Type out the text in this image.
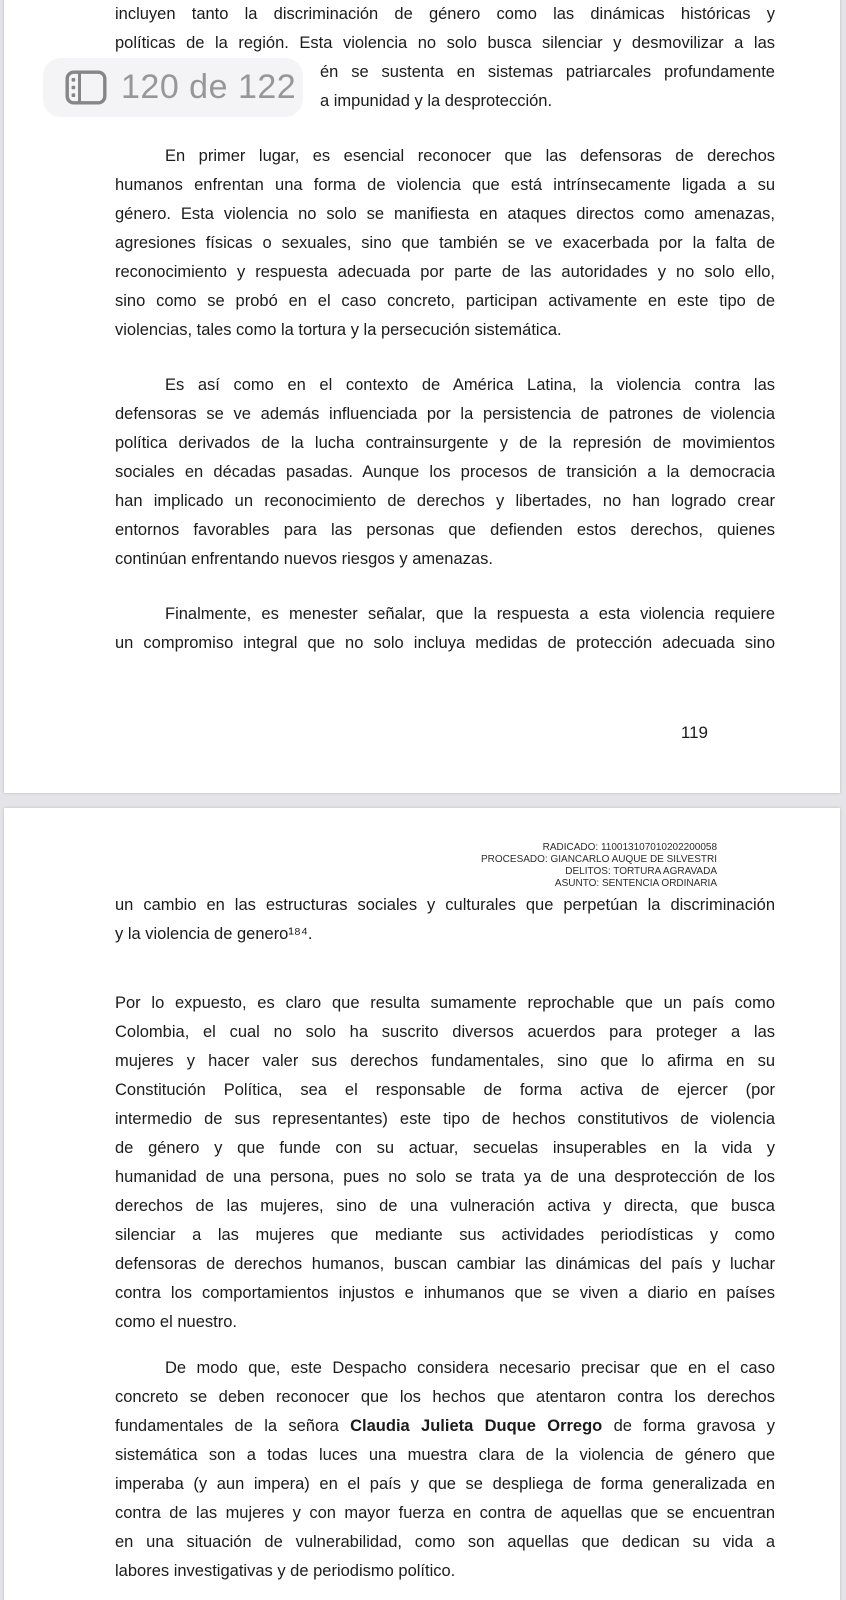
incluyen tanto la discriminación de género como las dinámicas históricas y
políticas de la región. Esta violencia no solo busca silenciar y desmovilizar a las
én se sustenta en sistemas patriarcales profundamente
a impunidad y la desprotección.
En primer lugar, es esencial reconocer que las defensoras de derechos
humanos enfrentan una forma de violencia que está intrínsecamente ligada a su
género. Esta violencia no solo se manifiesta en ataques directos como amenazas,
agresiones físicas o sexuales, sino que también se ve exacerbada por la falta de
reconocimiento y respuesta adecuada por parte de las autoridades y no solo ello,
sino como se probó en el caso concreto, participan activamente en este tipo de
violencias, tales como la tortura y la persecución sistemática.
Es así como en el contexto de América Latina, la violencia contra las
defensoras se ve además influenciada por la persistencia de patrones de violencia
política derivados de la lucha contrainsurgente y de la represión de movimientos
sociales en décadas pasadas. Aunque los procesos de transición a la democracia
han implicado un reconocimiento de derechos y libertades, no han logrado crear
entornos favorables para las personas que defienden estos derechos, quienes
continúan enfrentando nuevos riesgos y amenazas.
Finalmente, es menester señalar, que la respuesta a esta violencia requiere
un compromiso integral que no solo incluya medidas de protección adecuada sino
119
RADICADO: 110013107010202200058
PROCESADO: GIANCARLO AUQUE DE SILVESTRI
DELITOS: TORTURA AGRAVADA
ASUNTO: SENTENCIA ORDINARIA
un cambio en las estructuras sociales y culturales que perpetúan la discriminación
y la violencia de genero¹⁸⁴.
Por lo expuesto, es claro que resulta sumamente reprochable que un país como
Colombia, el cual no solo ha suscrito diversos acuerdos para proteger a las
mujeres y hacer valer sus derechos fundamentales, sino que lo afirma en su
Constitución Política, sea el responsable de forma activa de ejercer (por
intermedio de sus representantes) este tipo de hechos constitutivos de violencia
de género y que funde con su actuar, secuelas insuperables en la vida y
humanidad de una persona, pues no solo se trata ya de una desprotección de los
derechos de las mujeres, sino de una vulneración activa y directa, que busca
silenciar a las mujeres que mediante sus actividades periodísticas y como
defensoras de derechos humanos, buscan cambiar las dinámicas del país y luchar
contra los comportamientos injustos e inhumanos que se viven a diario en países
como el nuestro.
De modo que, este Despacho considera necesario precisar que en el caso
concreto se deben reconocer que los hechos que atentaron contra los derechos
fundamentales de la señora Claudia Julieta Duque Orrego de forma gravosa y
sistemática son a todas luces una muestra clara de la violencia de género que
imperaba (y aun impera) en el país y que se despliega de forma generalizada en
contra de las mujeres y con mayor fuerza en contra de aquellas que se encuentran
en una situación de vulnerabilidad, como son aquellas que dedican su vida a
labores investigativas y de periodismo político.
120 de 122
